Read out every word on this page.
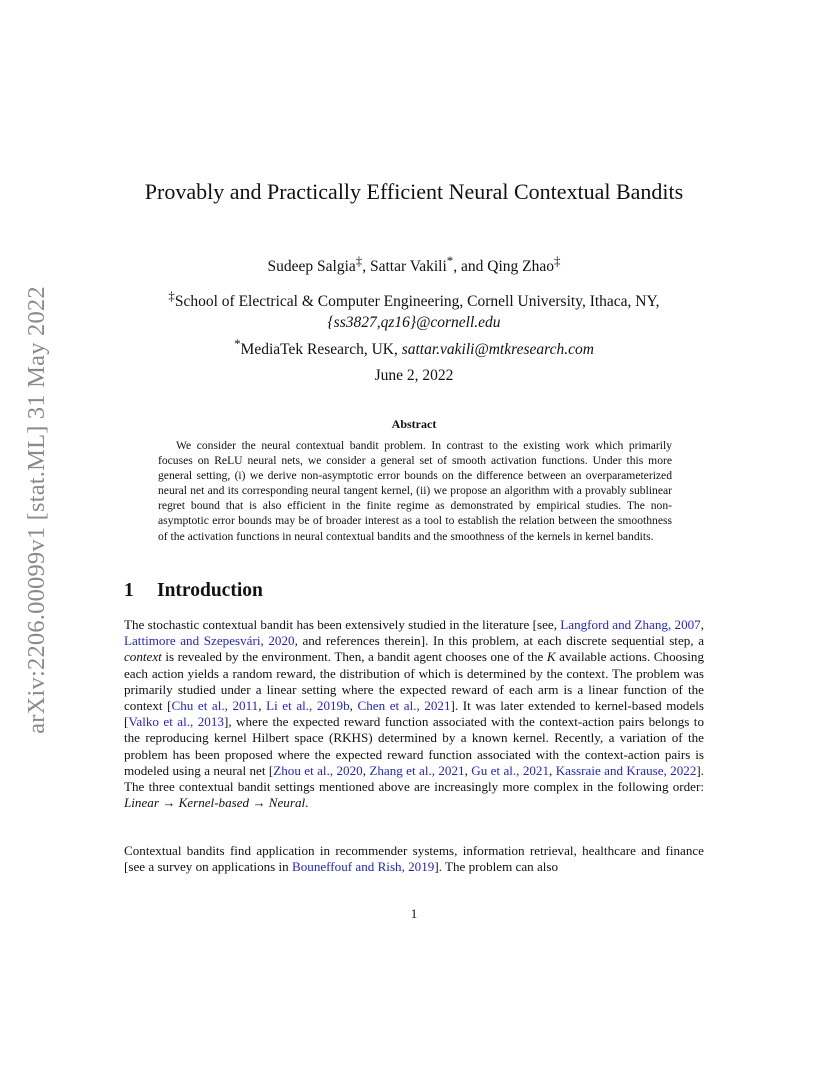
arXiv:2206.00099v1 [stat.ML] 31 May 2022
Provably and Practically Efficient Neural Contextual Bandits
Sudeep Salgia‡, Sattar Vakili*, and Qing Zhao‡
‡School of Electrical & Computer Engineering, Cornell University, Ithaca, NY,
{ss3827,qz16}@cornell.edu
*MediaTek Research, UK, sattar.vakili@mtkresearch.com
June 2, 2022
Abstract
We consider the neural contextual bandit problem. In contrast to the existing work which primarily focuses on ReLU neural nets, we consider a general set of smooth activation functions. Under this more general setting, (i) we derive non-asymptotic error bounds on the difference between an overparameterized neural net and its corresponding neural tangent kernel, (ii) we propose an algorithm with a provably sublinear regret bound that is also efficient in the finite regime as demonstrated by empirical studies. The non-asymptotic error bounds may be of broader interest as a tool to establish the relation between the smoothness of the activation functions in neural contextual bandits and the smoothness of the kernels in kernel bandits.
1 Introduction
The stochastic contextual bandit has been extensively studied in the literature [see, Langford and Zhang, 2007, Lattimore and Szepesvári, 2020, and references therein]. In this problem, at each discrete sequential step, a context is revealed by the environment. Then, a bandit agent chooses one of the K available actions. Choosing each action yields a random reward, the distribution of which is determined by the context. The problem was primarily studied under a linear setting where the expected reward of each arm is a linear function of the context [Chu et al., 2011, Li et al., 2019b, Chen et al., 2021]. It was later extended to kernel-based models [Valko et al., 2013], where the expected reward function associated with the context-action pairs belongs to the reproducing kernel Hilbert space (RKHS) determined by a known kernel. Recently, a variation of the problem has been proposed where the expected reward function associated with the context-action pairs is modeled using a neural net [Zhou et al., 2020, Zhang et al., 2021, Gu et al., 2021, Kassraie and Krause, 2022]. The three contextual bandit settings mentioned above are increasingly more complex in the following order: Linear → Kernel-based → Neural.
Contextual bandits find application in recommender systems, information retrieval, healthcare and finance [see a survey on applications in Bouneffouf and Rish, 2019]. The problem can also
1
